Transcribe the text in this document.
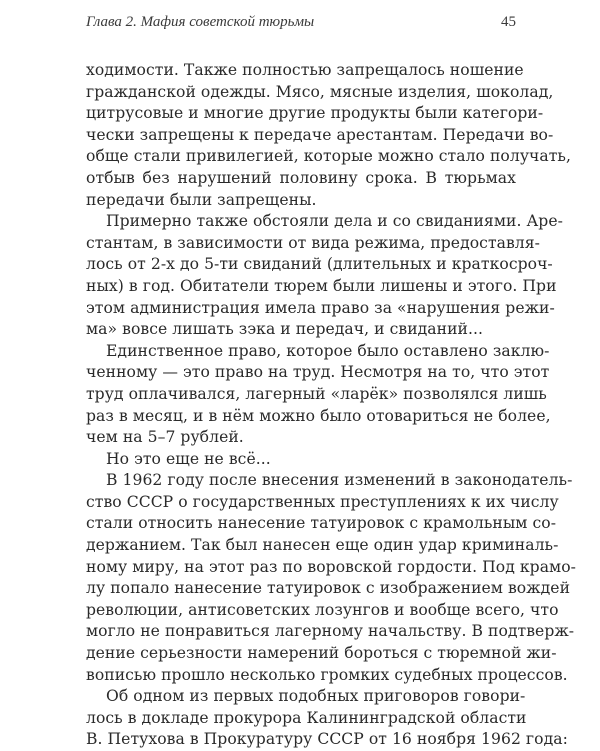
Глава 2. Мафия советской тюрьмы	45
ходимости. Также полностью запрещалось ношение
гражданской одежды. Мясо, мясные изделия, шоколад,
цитрусовые и многие другие продукты были категори-
чески запрещены к передаче арестантам. Передачи во-
обще стали привилегией, которые можно стало получать,
отбыв без нарушений половину срока. В тюрьмах
передачи были запрещены.
Примерно также обстояли дела и со свиданиями. Аре-
стантам, в зависимости от вида режима, предоставля-
лось от 2-х до 5-ти свиданий (длительных и краткосроч-
ных) в год. Обитатели тюрем были лишены и этого. При
этом администрация имела право за «нарушения режи-
ма» вовсе лишать зэка и передач, и свиданий...
Единственное право, которое было оставлено заклю-
ченному — это право на труд. Несмотря на то, что этот
труд оплачивался, лагерный «ларёк» позволялся лишь
раз в месяц, и в нём можно было отовариться не более,
чем на 5–7 рублей.
Но это еще не всё...
В 1962 году после внесения изменений в законодатель-
ство СССР о государственных преступлениях к их числу
стали относить нанесение татуировок с крамольным со-
держанием. Так был нанесен еще один удар криминаль-
ному миру, на этот раз по воровской гордости. Под крамо-
лу попало нанесение татуировок с изображением вождей
революции, антисоветских лозунгов и вообще всего, что
могло не понравиться лагерному начальству. В подтверж-
дение серьезности намерений бороться с тюремной жи-
вописью прошло несколько громких судебных процессов.
Об одном из первых подобных приговоров говори-
лось в докладе прокурора Калининградской области
В. Петухова в Прокуратуру СССР от 16 ноября 1962 года:
